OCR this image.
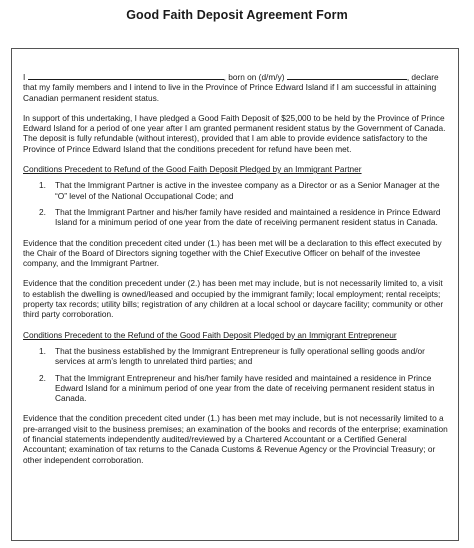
Good Faith Deposit Agreement Form

I	, born on (d/m/y)	, declare that my family members and I intend to live in the Province of Prince Edward Island if I am successful in attaining Canadian permanent resident status.

In support of this undertaking, I have pledged a Good Faith Deposit of $25,000 to be held by the Province of Prince Edward Island for a period of one year after I am granted permanent resident status by the Government of Canada. The deposit is fully refundable (without interest), provided that I am able to provide evidence satisfactory to the Province of Prince Edward Island that the conditions precedent for refund have been met.

Conditions Precedent to Refund of the Good Faith Deposit Pledged by an Immigrant Partner

1.	That the Immigrant Partner is active in the investee company as a Director or as a Senior Manager at the “O” level of the National Occupational Code; and
2.	That the Immigrant Partner and his/her family have resided and maintained a residence in Prince Edward Island for a minimum period of one year from the date of receiving permanent resident status in Canada.

Evidence that the condition precedent cited under (1.) has been met will be a declaration to this effect executed by the Chair of the Board of Directors signing together with the Chief Executive Officer on behalf of the investee company, and the Immigrant Partner.

Evidence that the condition precedent under (2.) has been met may include, but is not necessarily limited to, a visit to establish the dwelling is owned/leased and occupied by the immigrant family; local employment; rental receipts; property tax records; utility bills; registration of any children at a local school or daycare facility; community or other third party corroboration.

Conditions Precedent to the Refund of the Good Faith Deposit Pledged by an Immigrant Entrepreneur

1.	That the business established by the Immigrant Entrepreneur is fully operational selling goods and/or services at arm’s length to unrelated third parties; and
2.	That the Immigrant Entrepreneur and his/her family have resided and maintained a residence in Prince Edward Island for a minimum period of one year from the date of receiving permanent resident status in Canada.

Evidence that the condition precedent cited under (1.) has been met may include, but is not necessarily limited to a pre-arranged visit to the business premises; an examination of the books and records of the enterprise; examination of financial statements independently audited/reviewed by a Chartered Accountant or a Certified General Accountant; examination of tax returns to the Canada Customs & Revenue Agency or the Provincial Treasury; or other independent corroboration.
